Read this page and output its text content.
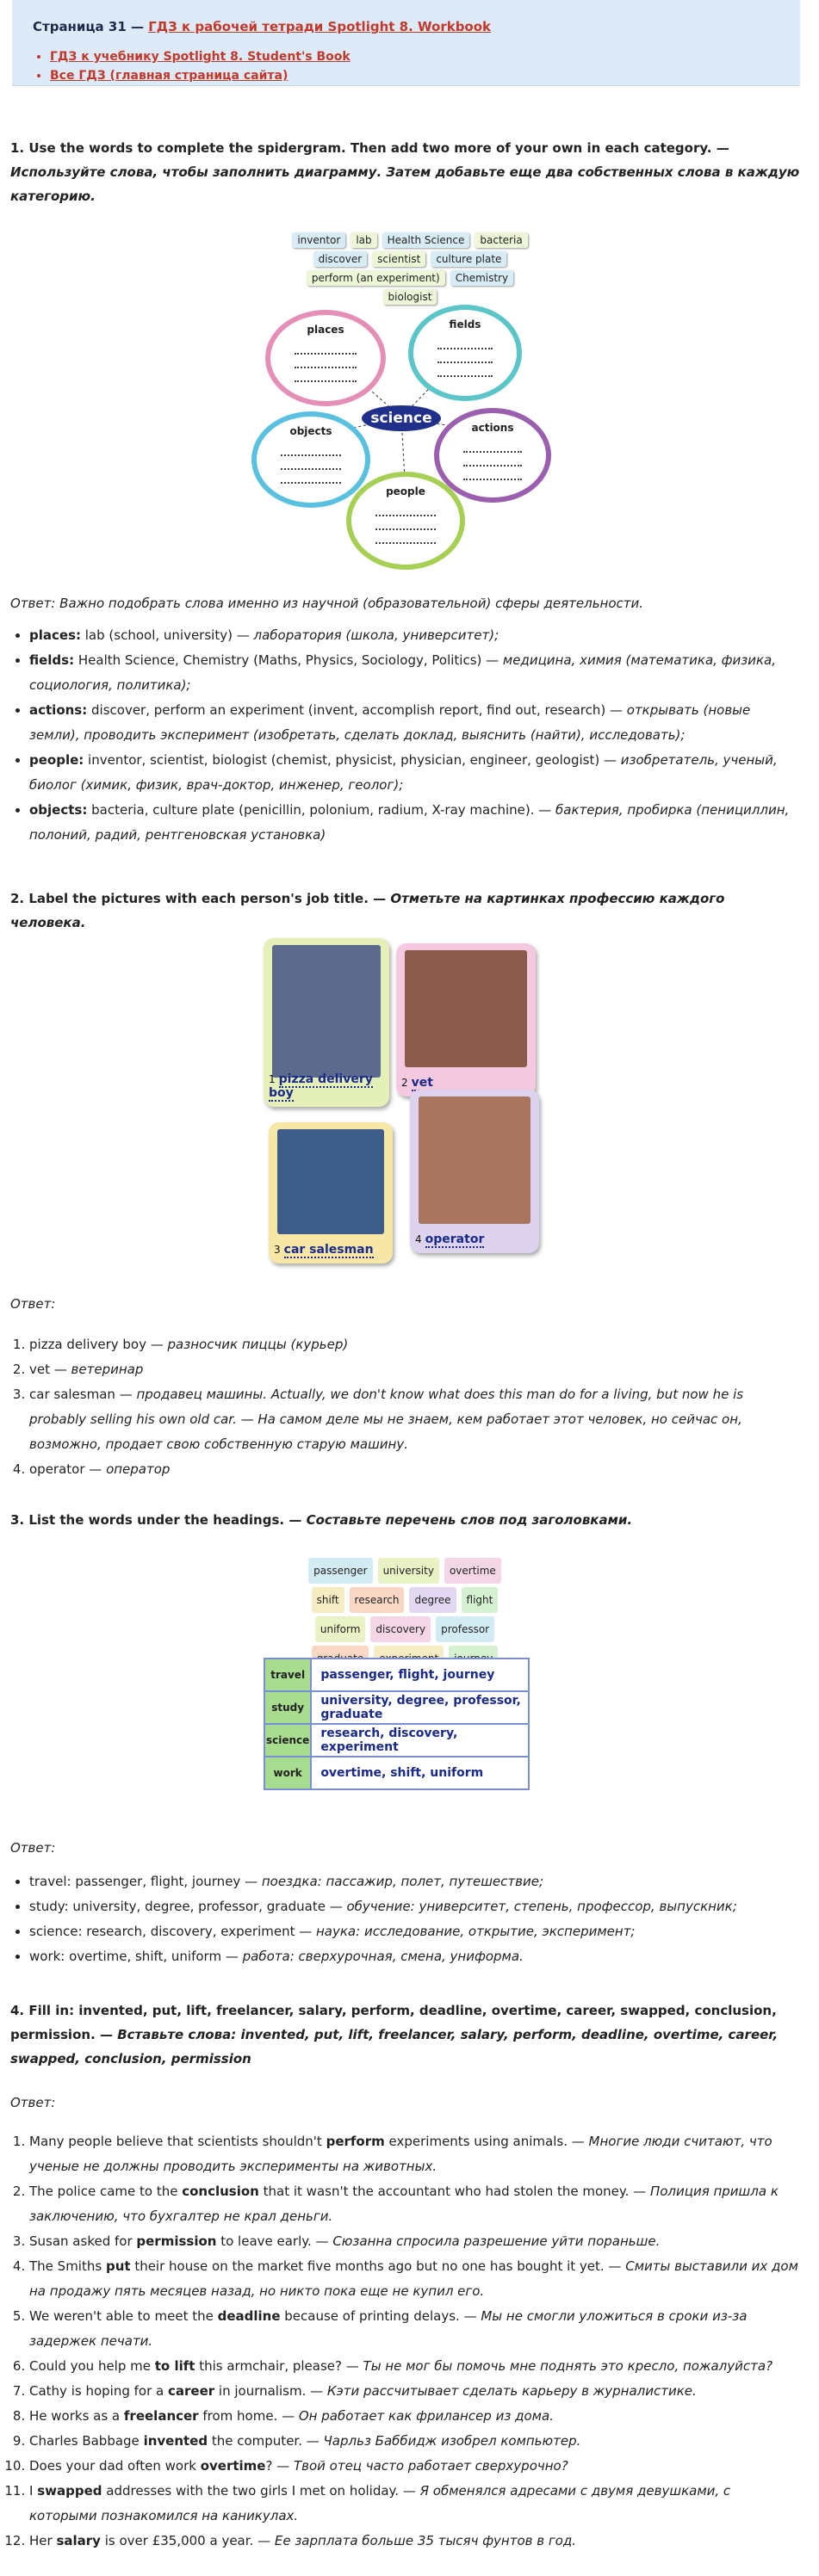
Страница 31 — ГДЗ к рабочей тетради Spotlight 8. Workbook
• ГДЗ к учебнику Spotlight 8. Student's Book
• Все ГДЗ (главная страница сайта)

1. Use the words to complete the spidergram. Then add two more of your own in each category. — Используйте слова, чтобы заполнить диаграмму. Затем добавьте еще два собственных слова в каждую категорию.

inventor lab Health Science bacteria
discover scientist culture plate
perform (an experiment) Chemistrybiologist
places	fields
objects	actions
people
science

Ответ: Важно подобрать слова именно из научной (образовательной) сферы деятельности.

• places: lab (school, university) — лаборатория (школа, университет);
• fields: Health Science, Chemistry (Maths, Physics, Sociology, Politics) — медицина, химия (математика, физика, социология, политика);
• actions: discover, perform an experiment (invent, accomplish report, find out, research) — открывать (новые земли), проводить эксперимент (изобретать, сделать доклад, выяснить (найти), исследовать);
• people: inventor, scientist, biologist (chemist, physicist, physician, engineer, geologist) — изобретатель, ученый, биолог (химик, физик, врач-доктор, инженер, геолог);
• objects: bacteria, culture plate (penicillin, polonium, radium, X-ray machine). — бактерия, пробирка (пенициллин, полоний, радий, рентгеновская установка)

2. Label the pictures with each person's job title. — Отметьте на картинках профессию каждого человека.

1 pizza delivery boy
2 vet
3 car salesman
4 operator

Ответ:

1. pizza delivery boy — разносчик пиццы (курьер)
2. vet — ветеринар
3. car salesman — продавец машины. Actually, we don't know what does this man do for a living, but now he is probably selling his own old car. — На самом деле мы не знаем, кем работает этот человек, но сейчас он, возможно, продает свою собственную старую машину.
4. operator — оператор

3. List the words under the headings. — Составьте перечень слов под заголовками.

passenger university overtime
shift research degree flight
uniform discovery professor

travel	passenger, flight, journey
study	university, degree, professor, graduate
science	research, discovery, experiment
work	overtime, shift, uniform

Ответ:

• travel: passenger, flight, journey — поездка: пассажир, полет, путешествие;
• study: university, degree, professor, graduate — обучение: университет, степень, профессор, выпускник;
• science: research, discovery, experiment — наука: исследование, открытие, эксперимент;
• work: overtime, shift, uniform — работа: сверхурочная, смена, униформа.

4. Fill in: invented, put, lift, freelancer, salary, perform, deadline, overtime, career, swapped, conclusion, permission. — Вставьте слова: invented, put, lift, freelancer, salary, perform, deadline, overtime, career, swapped, conclusion, permission

Ответ:

1. Many people believe that scientists shouldn't perform experiments using animals. — Многие люди считают, что ученые не должны проводить эксперименты на животных.
2. The police came to the conclusion that it wasn't the accountant who had stolen the money. — Полиция пришла к заключению, что бухгалтер не крал деньги.
3. Susan asked for permission to leave early. — Сюзанна спросила разрешение уйти пораньше.
4. The Smiths put their house on the market five months ago but no one has bought it yet. — Смиты выставили их дом на продажу пять месяцев назад, но никто пока еще не купил его.
5. We weren't able to meet the deadline because of printing delays. — Мы не смогли уложиться в сроки из-за задержек печати.
6. Could you help me to lift this armchair, please? — Ты не мог бы помочь мне поднять это кресло, пожалуйста?
7. Cathy is hoping for a career in journalism. — Кэти рассчитывает сделать карьеру в журналистике.
8. He works as a freelancer from home. — Он работает как фрилансер из дома.
9. Charles Babbage invented the computer. — Чарльз Баббидж изобрел компьютер.
10. Does your dad often work overtime? — Твой отец часто работает сверхурочно?
11. I swapped addresses with the two girls I met on holiday. — Я обменялся адресами с двумя девушками, с которыми познакомился на каникулах.
12. Her salary is over £35,000 a year. — Ее зарплата больше 35 тысяч фунтов в год.
